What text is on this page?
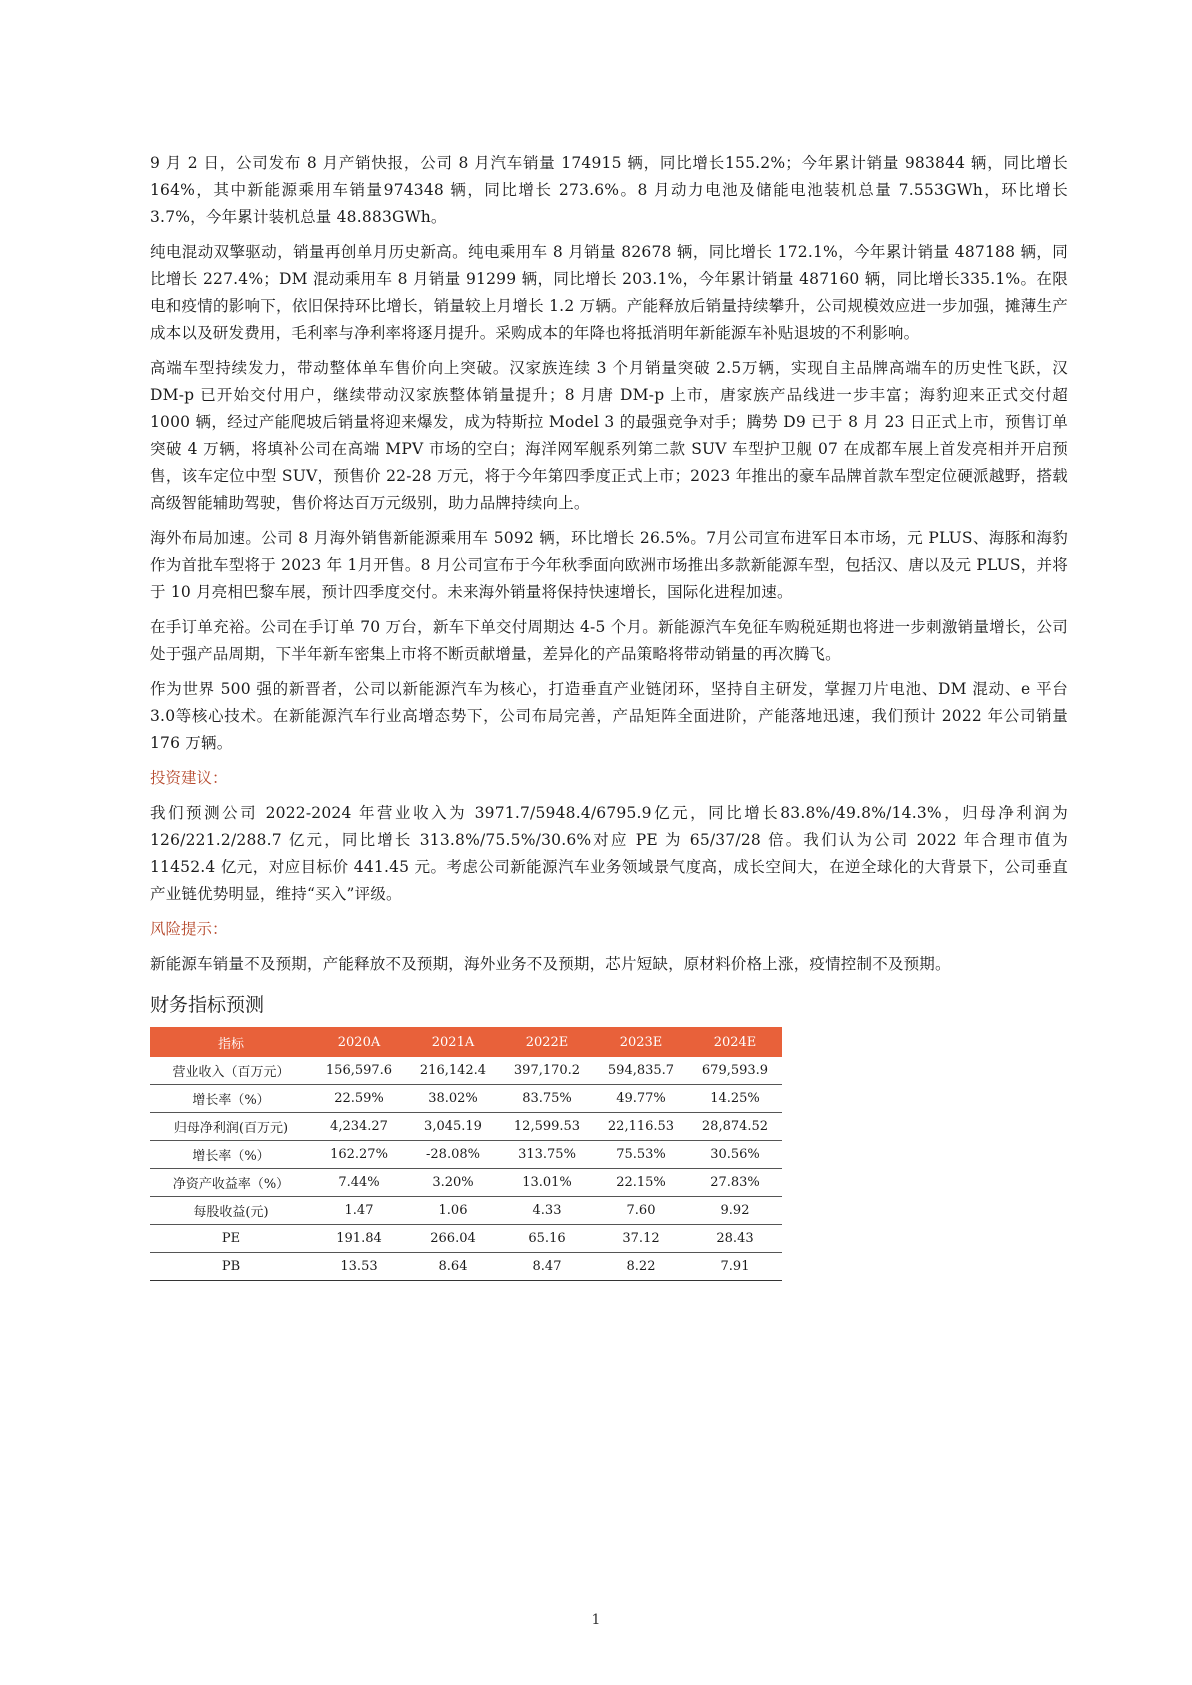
9 月 2 日，公司发布 8 月产销快报，公司 8 月汽车销量 174915 辆，同比增长155.2%；今年累计销量 983844 辆，同比增长 164%，其中新能源乘用车销量974348 辆，同比增长 273.6%。8 月动力电池及储能电池装机总量 7.553GWh，环比增长 3.7%，今年累计装机总量 48.883GWh。

纯电混动双擎驱动，销量再创单月历史新高。纯电乘用车 8 月销量 82678 辆，同比增长 172.1%，今年累计销量 487188 辆，同比增长 227.4%；DM 混动乘用车 8 月销量 91299 辆，同比增长 203.1%，今年累计销量 487160 辆，同比增长335.1%。在限电和疫情的影响下，依旧保持环比增长，销量较上月增长 1.2 万辆。产能释放后销量持续攀升，公司规模效应进一步加强，摊薄生产成本以及研发费用，毛利率与净利率将逐月提升。采购成本的年降也将抵消明年新能源车补贴退坡的不利影响。

高端车型持续发力，带动整体单车售价向上突破。汉家族连续 3 个月销量突破 2.5万辆，实现自主品牌高端车的历史性飞跃，汉 DM-p 已开始交付用户，继续带动汉家族整体销量提升；8 月唐 DM-p 上市，唐家族产品线进一步丰富；海豹迎来正式交付超 1000 辆，经过产能爬坡后销量将迎来爆发，成为特斯拉 Model 3 的最强竞争对手；腾势 D9 已于 8 月 23 日正式上市，预售订单突破 4 万辆，将填补公司在高端 MPV 市场的空白；海洋网军舰系列第二款 SUV 车型护卫舰 07 在成都车展上首发亮相并开启预售，该车定位中型 SUV，预售价 22-28 万元，将于今年第四季度正式上市；2023 年推出的豪车品牌首款车型定位硬派越野，搭载高级智能辅助驾驶，售价将达百万元级别，助力品牌持续向上。

海外布局加速。公司 8 月海外销售新能源乘用车 5092 辆，环比增长 26.5%。7月公司宣布进军日本市场，元 PLUS、海豚和海豹作为首批车型将于 2023 年 1月开售。8 月公司宣布于今年秋季面向欧洲市场推出多款新能源车型，包括汉、唐以及元 PLUS，并将于 10 月亮相巴黎车展，预计四季度交付。未来海外销量将保持快速增长，国际化进程加速。

在手订单充裕。公司在手订单 70 万台，新车下单交付周期达 4-5 个月。新能源汽车免征车购税延期也将进一步刺激销量增长，公司处于强产品周期，下半年新车密集上市将不断贡献增量，差异化的产品策略将带动销量的再次腾飞。

作为世界 500 强的新晋者，公司以新能源汽车为核心，打造垂直产业链闭环，坚持自主研发，掌握刀片电池、DM 混动、e 平台 3.0等核心技术。在新能源汽车行业高增态势下，公司布局完善，产品矩阵全面进阶，产能落地迅速，我们预计 2022 年公司销量 176 万辆。

投资建议：

我们预测公司 2022-2024 年营业收入为 3971.7/5948.4/6795.9亿元，同比增长83.8%/49.8%/14.3%，归母净利润为 126/221.2/288.7 亿元，同比增长 313.8%/75.5%/30.6%对应 PE 为 65/37/28 倍。我们认为公司 2022 年合理市值为 11452.4 亿元，对应目标价 441.45 元。考虑公司新能源汽车业务领域景气度高，成长空间大，在逆全球化的大背景下，公司垂直产业链优势明显，维持“买入”评级。

风险提示：

新能源车销量不及预期，产能释放不及预期，海外业务不及预期，芯片短缺，原材料价格上涨，疫情控制不及预期。

财务指标预测
指标	2020A	2021A	2022E	2023E	2024E
营业收入（百万元）	156,597.6	216,142.4	397,170.2	594,835.7	679,593.9
增长率（%）	22.59%	38.02%	83.75%	49.77%	14.25%
归母净利润(百万元)	4,234.27	3,045.19	12,599.53	22,116.53	28,874.52
增长率（%）	162.27%	-28.08%	313.75%	75.53%	30.56%
净资产收益率（%）	7.44%	3.20%	13.01%	22.15%	27.83%
每股收益(元)	1.47	1.06	4.33	7.60	9.92
PE	191.84	266.04	65.16	37.12	28.43
PB	13.53	8.64	8.47	8.22	7.91
1
